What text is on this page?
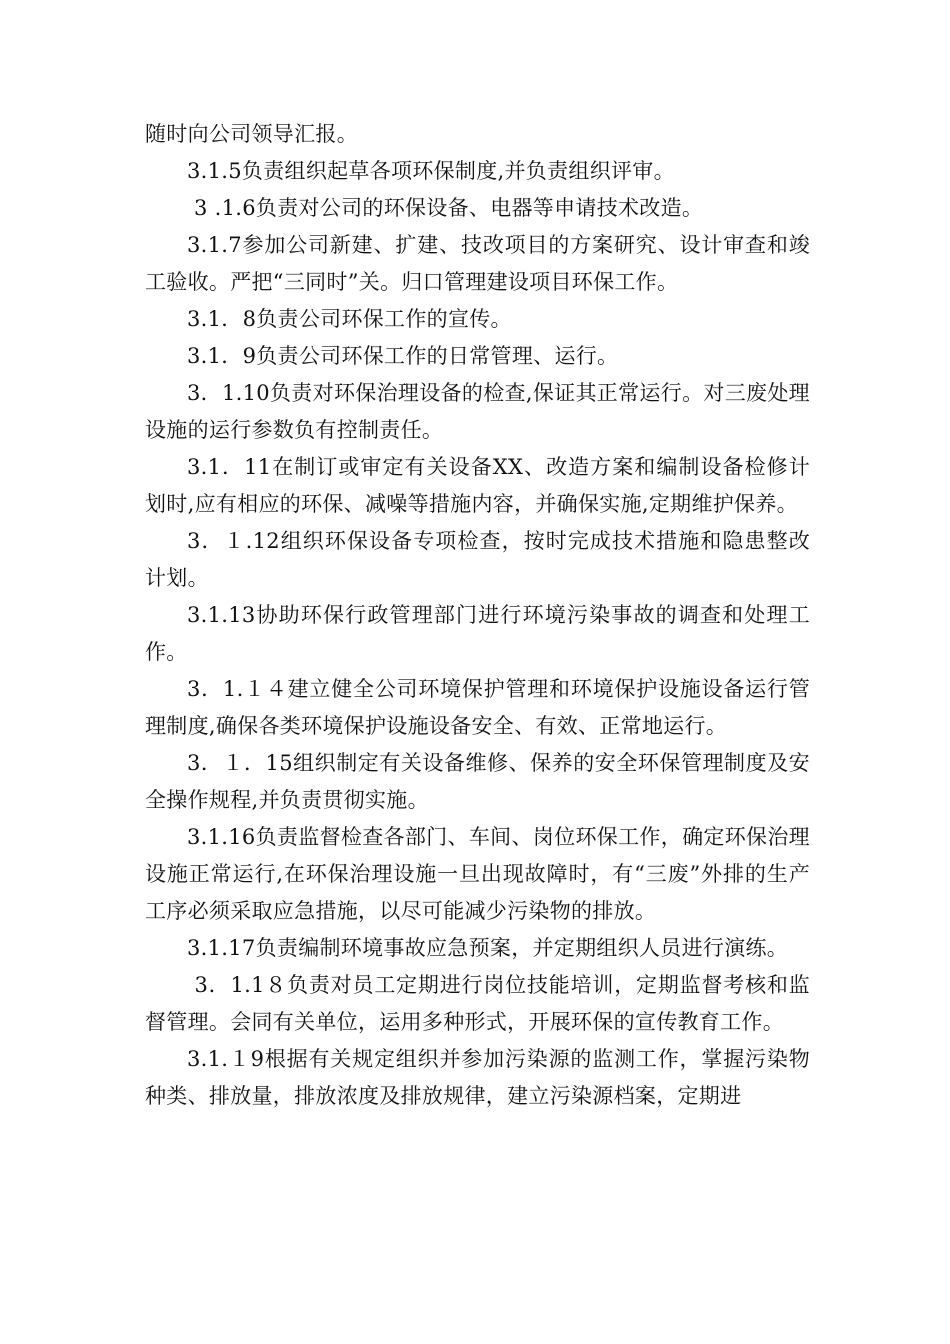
随时向公司领导汇报。

3.1.5负责组织起草各项环保制度,并负责组织评审。

3 .1.6负责对公司的环保设备、电器等申请技术改造。

3.1.7参加公司新建、扩建、技改项目的方案研究、设计审查和竣工验收。严把“三同时”关。归口管理建设项目环保工作。

3.1．8负责公司环保工作的宣传。

3.1．9负责公司环保工作的日常管理、运行。

3．1.10负责对环保治理设备的检查,保证其正常运行。对三废处理设施的运行参数负有控制责任。

3.1．11在制订或审定有关设备XX、改造方案和编制设备检修计划时,应有相应的环保、减噪等措施内容，并确保实施,定期维护保养。

3．１.12组织环保设备专项检查，按时完成技术措施和隐患整改计划。

3.1.13协助环保行政管理部门进行环境污染事故的调查和处理工作。

3．1.１４建立健全公司环境保护管理和环境保护设施设备运行管理制度,确保各类环境保护设施设备安全、有效、正常地运行。

3．１．15组织制定有关设备维修、保养的安全环保管理制度及安全操作规程,并负责贯彻实施。

3.1.16负责监督检查各部门、车间、岗位环保工作，确定环保治理设施正常运行,在环保治理设施一旦出现故障时，有“三废”外排的生产工序必须采取应急措施，以尽可能减少污染物的排放。

3.1.17负责编制环境事故应急预案，并定期组织人员进行演练。

3．1.1８负责对员工定期进行岗位技能培训，定期监督考核和监督管理。会同有关单位，运用多种形式，开展环保的宣传教育工作。

3.1.１9根据有关规定组织并参加污染源的监测工作，掌握污染物种类、排放量，排放浓度及排放规律，建立污染源档案，定期进
